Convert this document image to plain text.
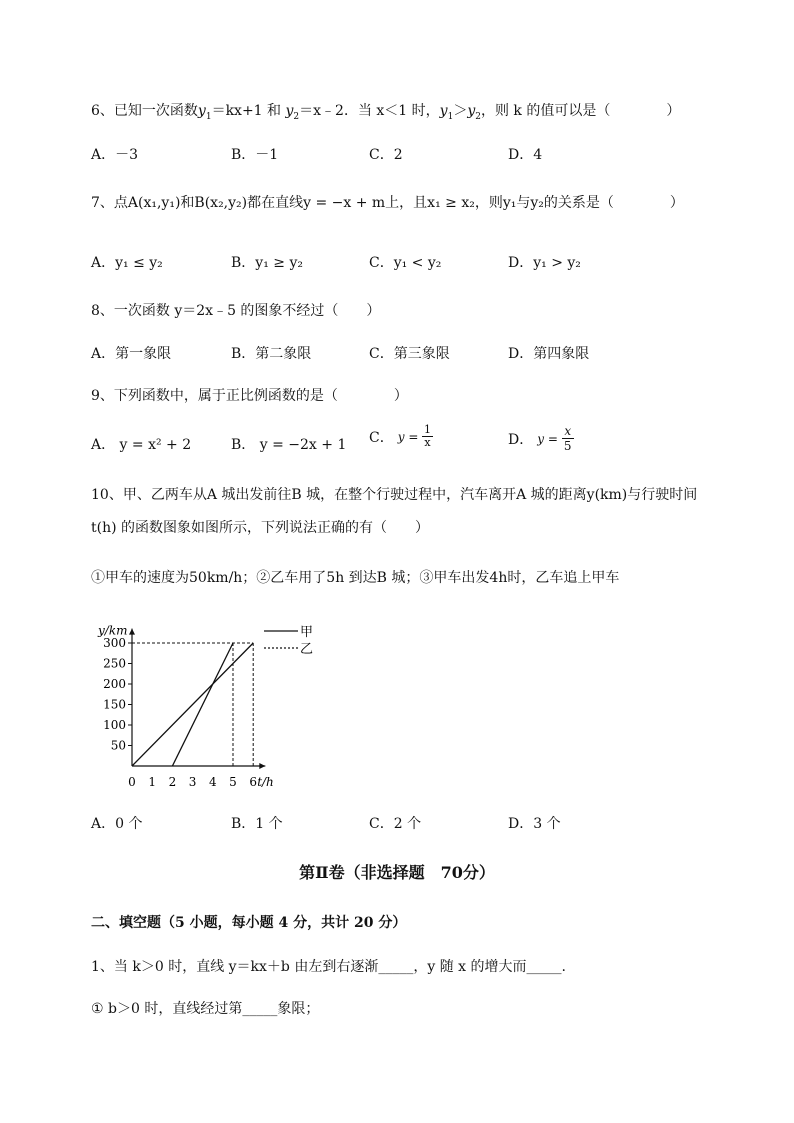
6、已知一次函数$y_1=kx+1$ 和 $y_2=x﹣2$．当 x＜1 时，$y_1>y_2$，则 k 的值可以是（　　　　）
A．－3	B．－1	C．2	D．4
7、点A(x₁,y₁)和B(x₂,y₂)都在直线y = −x + m上，且x₁ ≥ x₂，则y₁与y₂的关系是（　　　　）
A．y₁ ≤ y₂	B．y₁ ≥ y₂	C．y₁ < y₂	D．y₁ > y₂
8、一次函数 y＝2x﹣5 的图象不经过（　　）
A．第一象限	B．第二象限	C．第三象限	D．第四象限
9、下列函数中，属于正比例函数的是（　　　　）
A． y = x² + 2	B． y = −2x + 1 C． $y = \frac{1}{x}$	D． $y = \frac{x}{5}$
10、甲、乙两车从A 城出发前往B 城，在整个行驶过程中，汽车离开A 城的距离y(km)与行驶时间
t(h) 的函数图象如图所示，下列说法正确的有（　　）
①甲车的速度为50km/h；②乙车用了5h 到达B 城；③甲车出发4h时，乙车追上甲车
y/km
t/h
0 1 2 3 4 5 6
50
100
150
200
250
300
甲
乙
A．0 个	B．1 个	C．2 个	D．3 个
第Ⅱ卷（非选择题　70分）
二、填空题（5 小题，每小题 4 分，共计 20 分）
1、当 k＞0 时，直线 y＝kx＋b 由左到右逐渐_____，y 随 x 的增大而_____.
① b＞0 时，直线经过第_____象限；
